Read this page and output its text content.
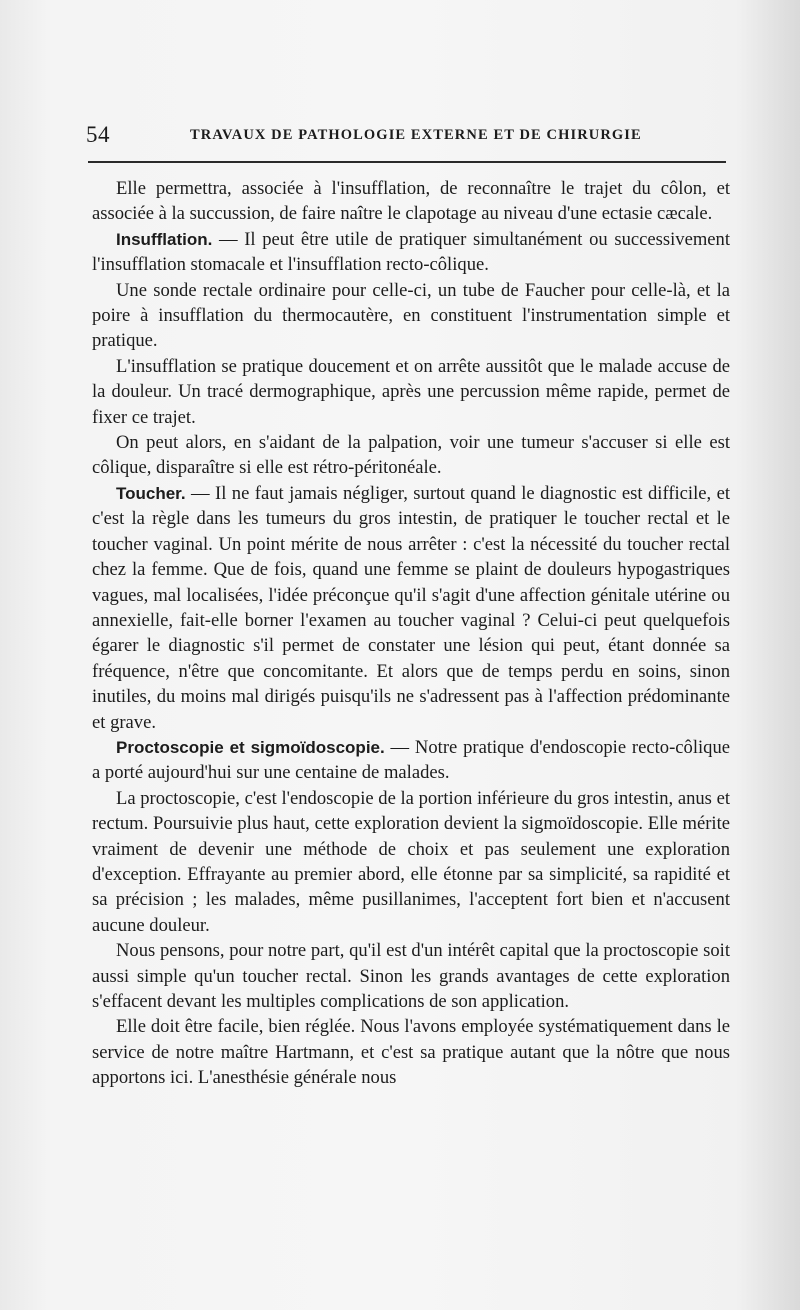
54	TRAVAUX DE PATHOLOGIE EXTERNE ET DE CHIRURGIE

Elle permettra, associée à l'insufflation, de reconnaître le trajet du côlon, et associée à la succussion, de faire naître le clapotage au niveau d'une ectasie cæcale.

Insufflation. — Il peut être utile de pratiquer simultanément ou successivement l'insufflation stomacale et l'insufflation recto-côlique.

Une sonde rectale ordinaire pour celle-ci, un tube de Faucher pour celle-là, et la poire à insufflation du thermocautère, en constituent l'instrumentation simple et pratique.

L'insufflation se pratique doucement et on arrête aussitôt que le malade accuse de la douleur. Un tracé dermographique, après une percussion même rapide, permet de fixer ce trajet.

On peut alors, en s'aidant de la palpation, voir une tumeur s'accuser si elle est côlique, disparaître si elle est rétro-péritonéale.

Toucher. — Il ne faut jamais négliger, surtout quand le diagnostic est difficile, et c'est la règle dans les tumeurs du gros intestin, de pratiquer le toucher rectal et le toucher vaginal. Un point mérite de nous arrêter : c'est la nécessité du toucher rectal chez la femme. Que de fois, quand une femme se plaint de douleurs hypogastriques vagues, mal localisées, l'idée préconçue qu'il s'agit d'une affection génitale utérine ou annexielle, fait-elle borner l'examen au toucher vaginal ? Celui-ci peut quelquefois égarer le diagnostic s'il permet de constater une lésion qui peut, étant donnée sa fréquence, n'être que concomitante. Et alors que de temps perdu en soins, sinon inutiles, du moins mal dirigés puisqu'ils ne s'adressent pas à l'affection prédominante et grave.

Proctoscopie et sigmoïdoscopie. — Notre pratique d'endoscopie recto-côlique a porté aujourd'hui sur une centaine de malades.

La proctoscopie, c'est l'endoscopie de la portion inférieure du gros intestin, anus et rectum. Poursuivie plus haut, cette exploration devient la sigmoïdoscopie. Elle mérite vraiment de devenir une méthode de choix et pas seulement une exploration d'exception. Effrayante au premier abord, elle étonne par sa simplicité, sa rapidité et sa précision ; les malades, même pusillanimes, l'acceptent fort bien et n'accusent aucune douleur.

Nous pensons, pour notre part, qu'il est d'un intérêt capital que la proctoscopie soit aussi simple qu'un toucher rectal. Sinon les grands avantages de cette exploration s'effacent devant les multiples complications de son application.

Elle doit être facile, bien réglée. Nous l'avons employée systématiquement dans le service de notre maître Hartmann, et c'est sa pratique autant que la nôtre que nous apportons ici. L'anesthésie générale nous
